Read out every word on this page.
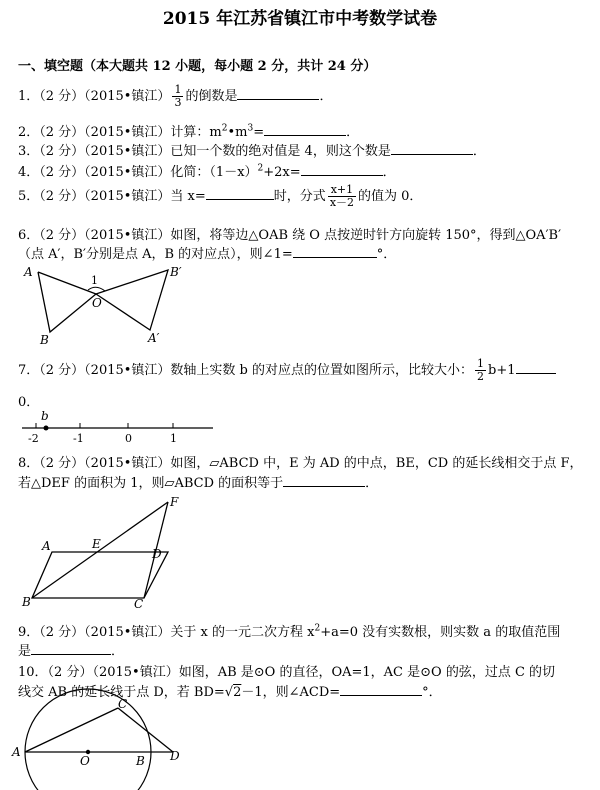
2015 年江苏省镇江市中考数学试卷
一、填空题（本大题共 12 小题，每小题 2 分，共计 24 分）
1．（2 分）（2015•镇江） $\frac{1}{3}$ 的倒数是	．
2．（2 分）（2015•镇江）计算：$m^2•m^3=$	．
3．（2 分）（2015•镇江）已知一个数的绝对值是 4，则这个数是	．
4．（2 分）（2015•镇江）化简：$(1-x)^2+2x=$	．
5．（2 分）（2015•镇江）当 x=	时，分式 $\frac{x+1}{x-2}$ 的值为 0．
6．（2 分）（2015•镇江）如图，将等边△OAB 绕 O 点按逆时针方向旋转 150°，得到△OA′B′
（点 A′，B′分别是点 A，B 的对应点），则∠1=	°．
A
B
O
1
B′
A′
7．（2 分）（2015•镇江）数轴上实数 b 的对应点的位置如图所示，比较大小： $\frac{1}{2} b+1$
0．
b
-2	-1	0	1
8．（2 分）（2015•镇江）如图，▱ABCD 中，E 为 AD 的中点，BE，CD 的延长线相交于点 F，
若△DEF 的面积为 1，则▱ABCD 的面积等于	．
A	E
D
F
B	C
9．（2 分）（2015•镇江）关于 x 的一元二次方程 $x^2+a=0$ 没有实数根，则实数 a 的取值范围
是	．
10．（2 分）（2015•镇江）如图，AB 是⊙O 的直径，OA=1，AC 是⊙O 的弦，过点 C 的切
线交 AB 的延长线于点 D，若 BD=√2－1，则∠ACD=	°．
A
O	B D
C
